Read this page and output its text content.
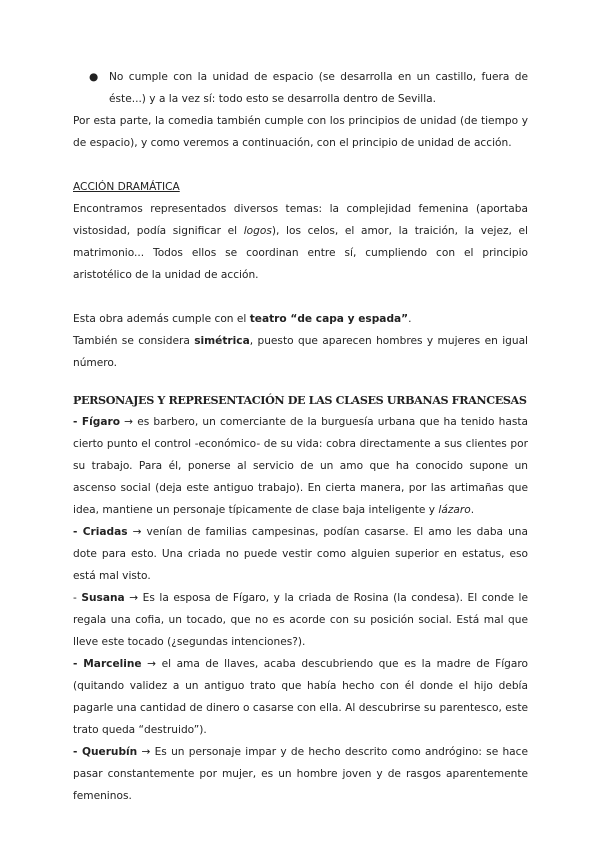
●	No cumple con la unidad de espacio (se desarrolla en un castillo, fuera de éste...) y a la vez sí: todo esto se desarrolla dentro de Sevilla.

Por esta parte, la comedia también cumple con los principios de unidad (de tiempo y de espacio), y como veremos a continuación, con el principio de unidad de acción.

ACCIÓN DRAMÁTICA

Encontramos representados diversos temas: la complejidad femenina (aportaba vistosidad, podía significar el logos), los celos, el amor, la traición, la vejez, el matrimonio... Todos ellos se coordinan entre sí, cumpliendo con el principio aristotélico de la unidad de acción.

Esta obra además cumple con el teatro “de capa y espada”.

También se considera simétrica, puesto que aparecen hombres y mujeres en igual número.

PERSONAJES Y REPRESENTACIÓN DE LAS CLASES URBANAS FRANCESAS

- Fígaro → es barbero, un comerciante de la burguesía urbana que ha tenido hasta cierto punto el control -económico- de su vida: cobra directamente a sus clientes por su trabajo. Para él, ponerse al servicio de un amo que ha conocido supone un ascenso social (deja este antiguo trabajo). En cierta manera, por las artimañas que idea, mantiene un personaje típicamente de clase baja inteligente y lázaro.

- Criadas → venían de familias campesinas, podían casarse. El amo les daba una dote para esto. Una criada no puede vestir como alguien superior en estatus, eso está mal visto.

- Susana → Es la esposa de Fígaro, y la criada de Rosina (la condesa). El conde le regala una cofia, un tocado, que no es acorde con su posición social. Está mal que lleve este tocado (¿segundas intenciones?).

- Marceline → el ama de llaves, acaba descubriendo que es la madre de Fígaro (quitando validez a un antiguo trato que había hecho con él donde el hijo debía pagarle una cantidad de dinero o casarse con ella. Al descubrirse su parentesco, este trato queda “destruido”).

- Querubín → Es un personaje impar y de hecho descrito como andrógino: se hace pasar constantemente por mujer, es un hombre joven y de rasgos aparentemente femeninos.
